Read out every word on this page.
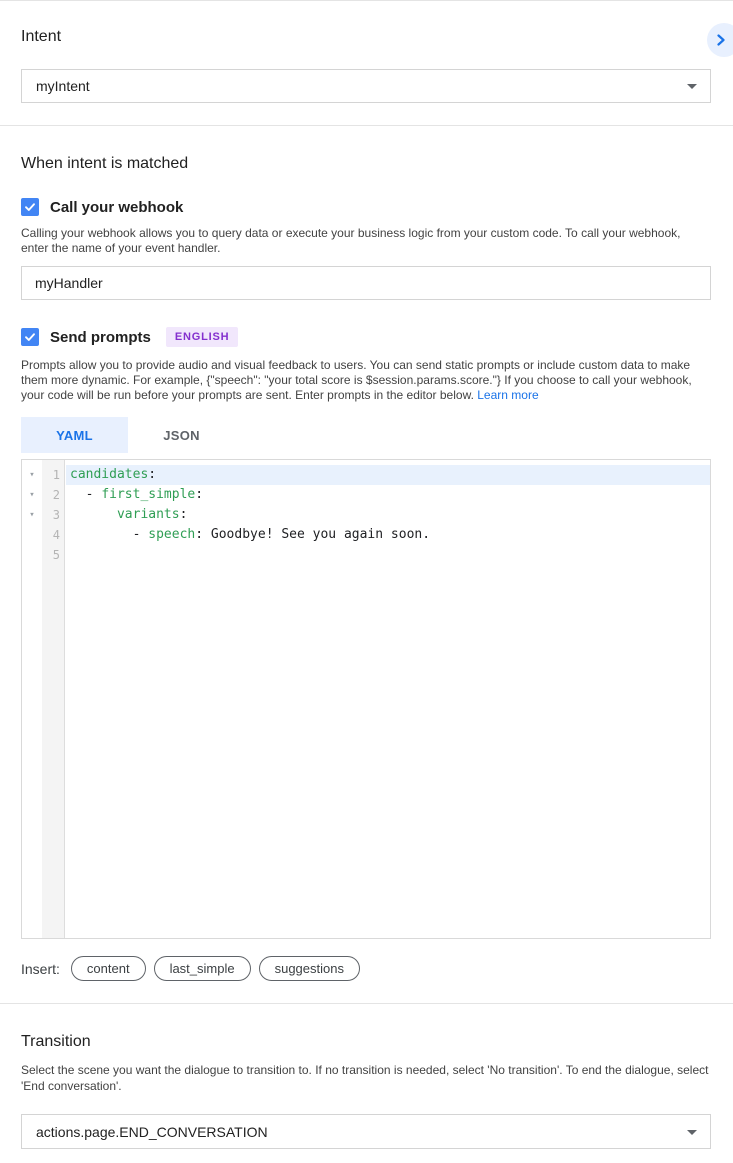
Intent
myIntent
When intent is matched
Call your webhook

Calling your webhook allows you to query data or execute your business logic from your custom code. To call your webhook, enter the name of your event handler.

myHandler
Send prompts	ENGLISH

Prompts allow you to provide audio and visual feedback to users. You can send static prompts or include custom data to make them more dynamic. For example, {"speech": "your total score is $session.params.score."} If you choose to call your webhook, your code will be run before your prompts are sent. Enter prompts in the editor below. Learn more

YAML	JSON
▾	1 candidates:
▾	2 - first_simple:
▾	3	variants:
4 - speech: Goodbye! See you again soon.
5
Insert:	content	last_simple	suggestions
Transition

Select the scene you want the dialogue to transition to. If no transition is needed, select 'No transition'. To end the dialogue, select 'End conversation'.

actions.page.END_CONVERSATION
